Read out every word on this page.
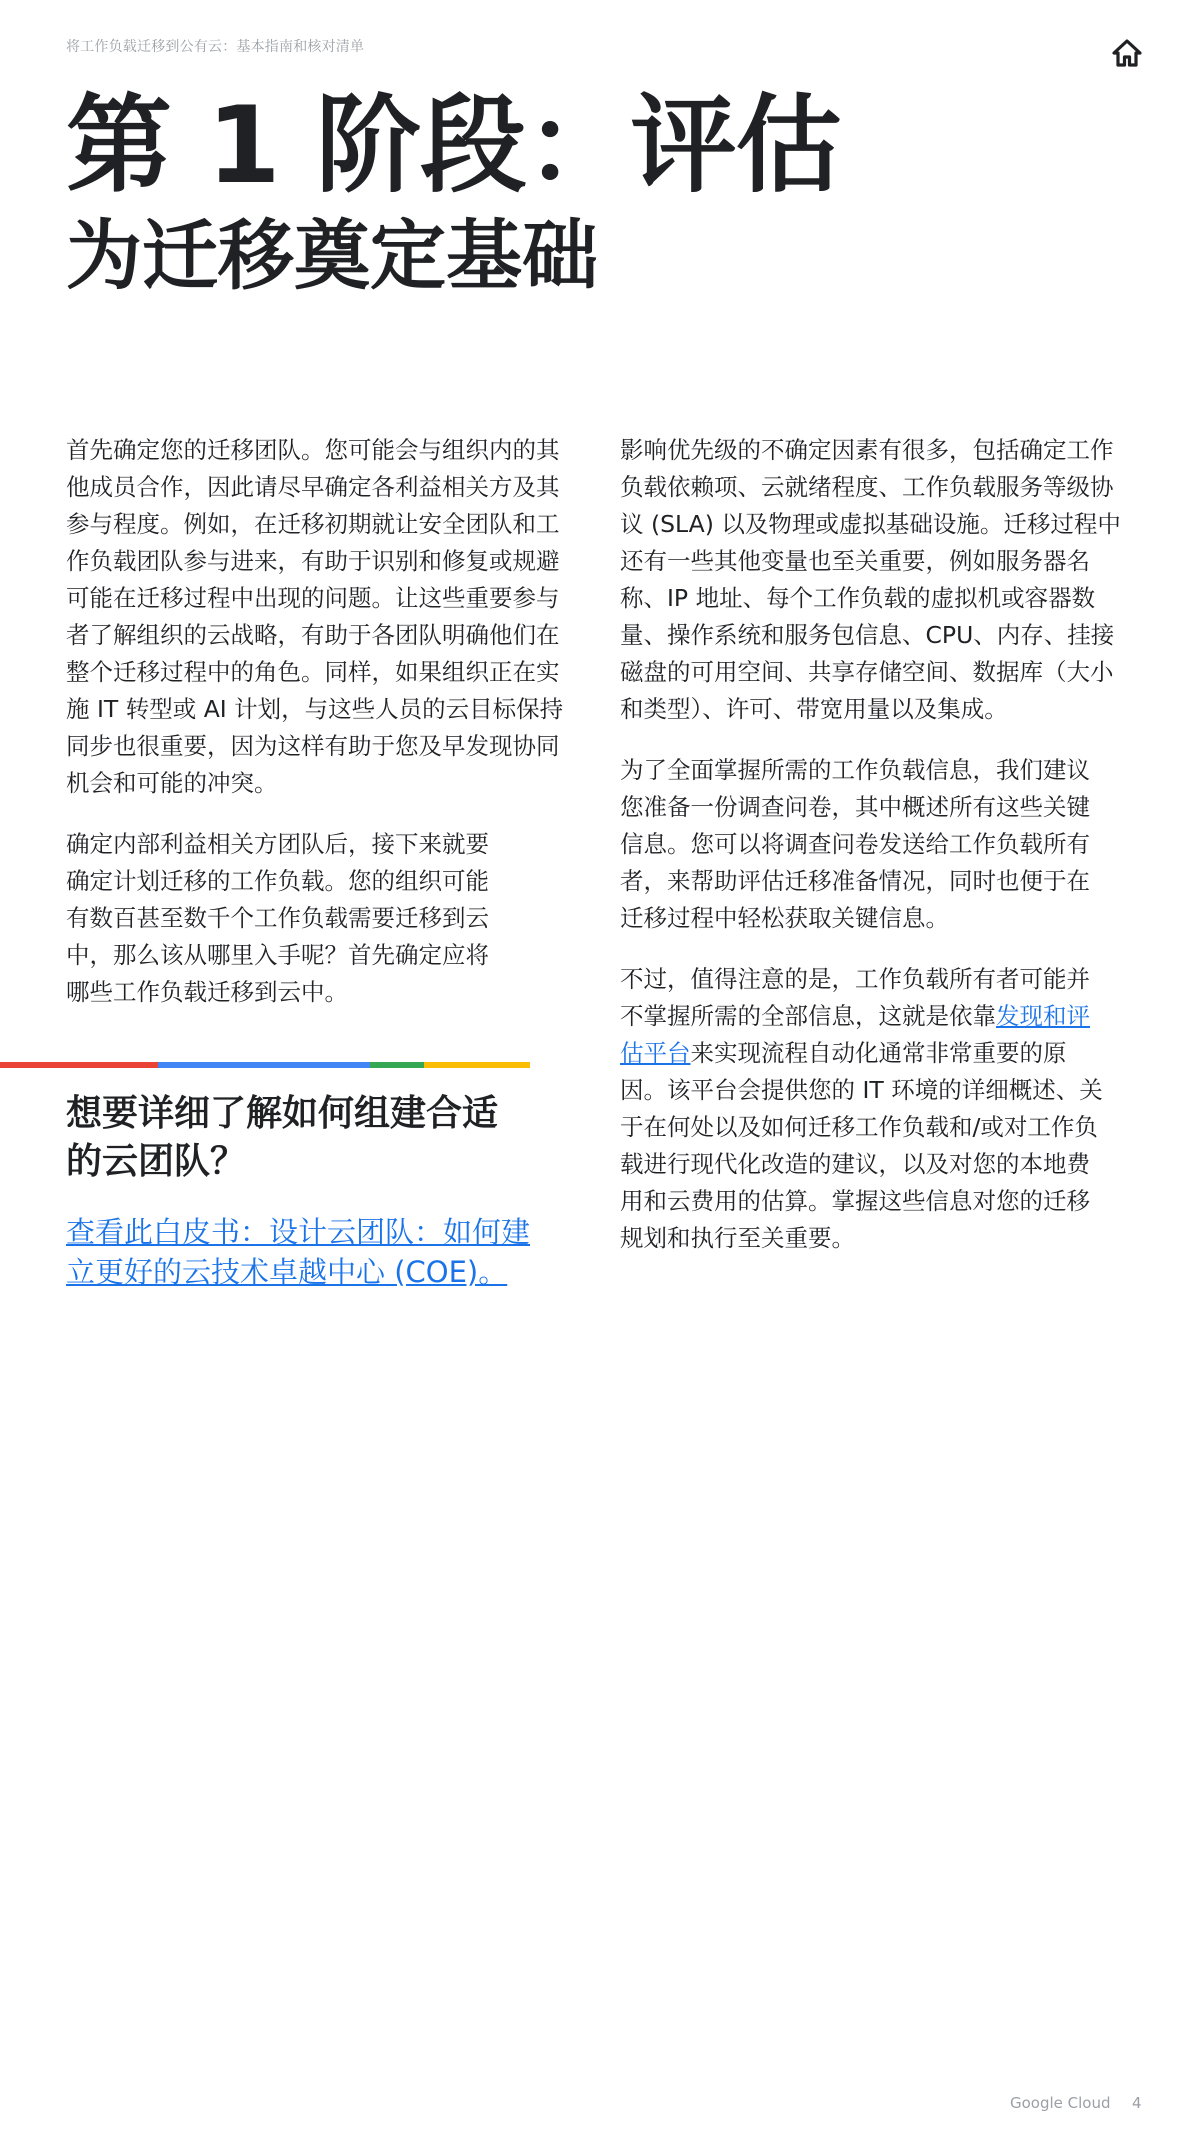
将工作负载迁移到公有云：基本指南和核对清单
第 1 阶段：评估
为迁移奠定基础

首先确定您的迁移团队。您可能会与组织内的其他成员合作，因此请尽早确定各利益相关方及其参与程度。例如，在迁移初期就让安全团队和工作负载团队参与进来，有助于识别和修复或规避可能在迁移过程中出现的问题。让这些重要参与者了解组织的云战略，有助于各团队明确他们在整个迁移过程中的角色。同样，如果组织正在实施 IT 转型或 AI 计划，与这些人员的云目标保持同步也很重要，因为这样有助于您及早发现协同机会和可能的冲突。

确定内部利益相关方团队后，接下来就要确定计划迁移的工作负载。您的组织可能有数百甚至数千个工作负载需要迁移到云中，那么该从哪里入手呢？首先确定应将哪些工作负载迁移到云中。

想要详细了解如何组建合适的云团队？
查看此白皮书：设计云团队：如何建立更好的云技术卓越中心 (COE)。

影响优先级的不确定因素有很多，包括确定工作负载依赖项、云就绪程度、工作负载服务等级协议 (SLA) 以及物理或虚拟基础设施。迁移过程中还有一些其他变量也至关重要，例如服务器名称、IP 地址、每个工作负载的虚拟机或容器数量、操作系统和服务包信息、CPU、内存、挂接磁盘的可用空间、共享存储空间、数据库（大小和类型）、许可、带宽用量以及集成。

为了全面掌握所需的工作负载信息，我们建议您准备一份调查问卷，其中概述所有这些关键信息。您可以将调查问卷发送给工作负载所有者，来帮助评估迁移准备情况，同时也便于在迁移过程中轻松获取关键信息。

不过，值得注意的是，工作负载所有者可能并不掌握所需的全部信息，这就是依靠发现和评估平台来实现流程自动化通常非常重要的原因。该平台会提供您的 IT 环境的详细概述、关于在何处以及如何迁移工作负载和/或对工作负载进行现代化改造的建议，以及对您的本地费用和云费用的估算。掌握这些信息对您的迁移规划和执行至关重要。

Google Cloud 4
